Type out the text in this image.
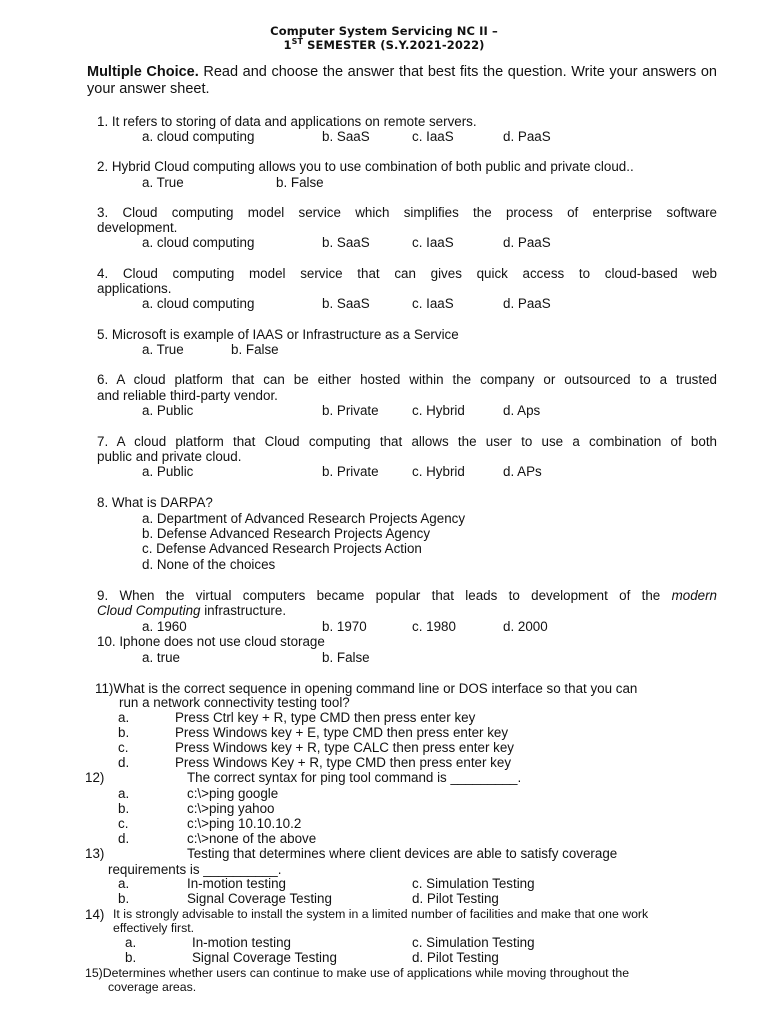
Computer System Servicing NC II –
1ST SEMESTER (S.Y.2021-2022)
Multiple Choice. Read and choose the answer that best fits the question. Write your answers on your answer sheet.
1. It refers to storing of data and applications on remote servers.
a. cloud computing	b. SaaS	c. IaaS	d. PaaS
2. Hybrid Cloud computing allows you to use combination of both public and private cloud..
a. True	b. False
3. Cloud computing model service which simplifies the process of enterprise software
development.
a. cloud computing	b. SaaS	c. IaaS	d. PaaS
4. Cloud computing model service that can gives quick access to cloud-based web
applications.
a. cloud computing	b. SaaS	c. IaaS	d. PaaS
5. Microsoft is example of IAAS or Infrastructure as a Service
a. True	b. False
6. A cloud platform that can be either hosted within the company or outsourced to a trusted
and reliable third-party vendor.
a. Public	b. Private c. Hybrid	d. Aps
7. A cloud platform that Cloud computing that allows the user to use a combination of both
public and private cloud.
a. Public	b. Private c. Hybrid	d. APs
8. What is DARPA?
a. Department of Advanced Research Projects Agency
b. Defense Advanced Research Projects Agency
c. Defense Advanced Research Projects Action
d. None of the choices
9. When the virtual computers became popular that leads to development of the modern
Cloud Computing infrastructure.
a. 1960	b. 1970	c. 1980	d. 2000
10. Iphone does not use cloud storage
a. true	b. False
11)What is the correct sequence in opening command line or DOS interface so that you can
run a network connectivity testing tool?
a.	Press Ctrl key + R, type CMD then press enter key
b.	Press Windows key + E, type CMD then press enter key
c.	Press Windows key + R, type CALC then press enter key
d.	Press Windows Key + R, type CMD then press enter key
12)	The correct syntax for ping tool command is _________.
a.	c:\>ping google
b.	c:\>ping yahoo
c.	c:\>ping 10.10.10.2
d.	c:\>none of the above
13)	Testing that determines where client devices are able to satisfy coverage
requirements is __________.
a.	In-motion testing	c. Simulation Testing
b.	Signal Coverage Testing	d. Pilot Testing
14) It is strongly advisable to install the system in a limited number of facilities and make that one work
effectively first.
a.	In-motion testing	c. Simulation Testing
b.	Signal Coverage Testing	d. Pilot Testing
15)Determines whether users can continue to make use of applications while moving throughout the
coverage areas.
